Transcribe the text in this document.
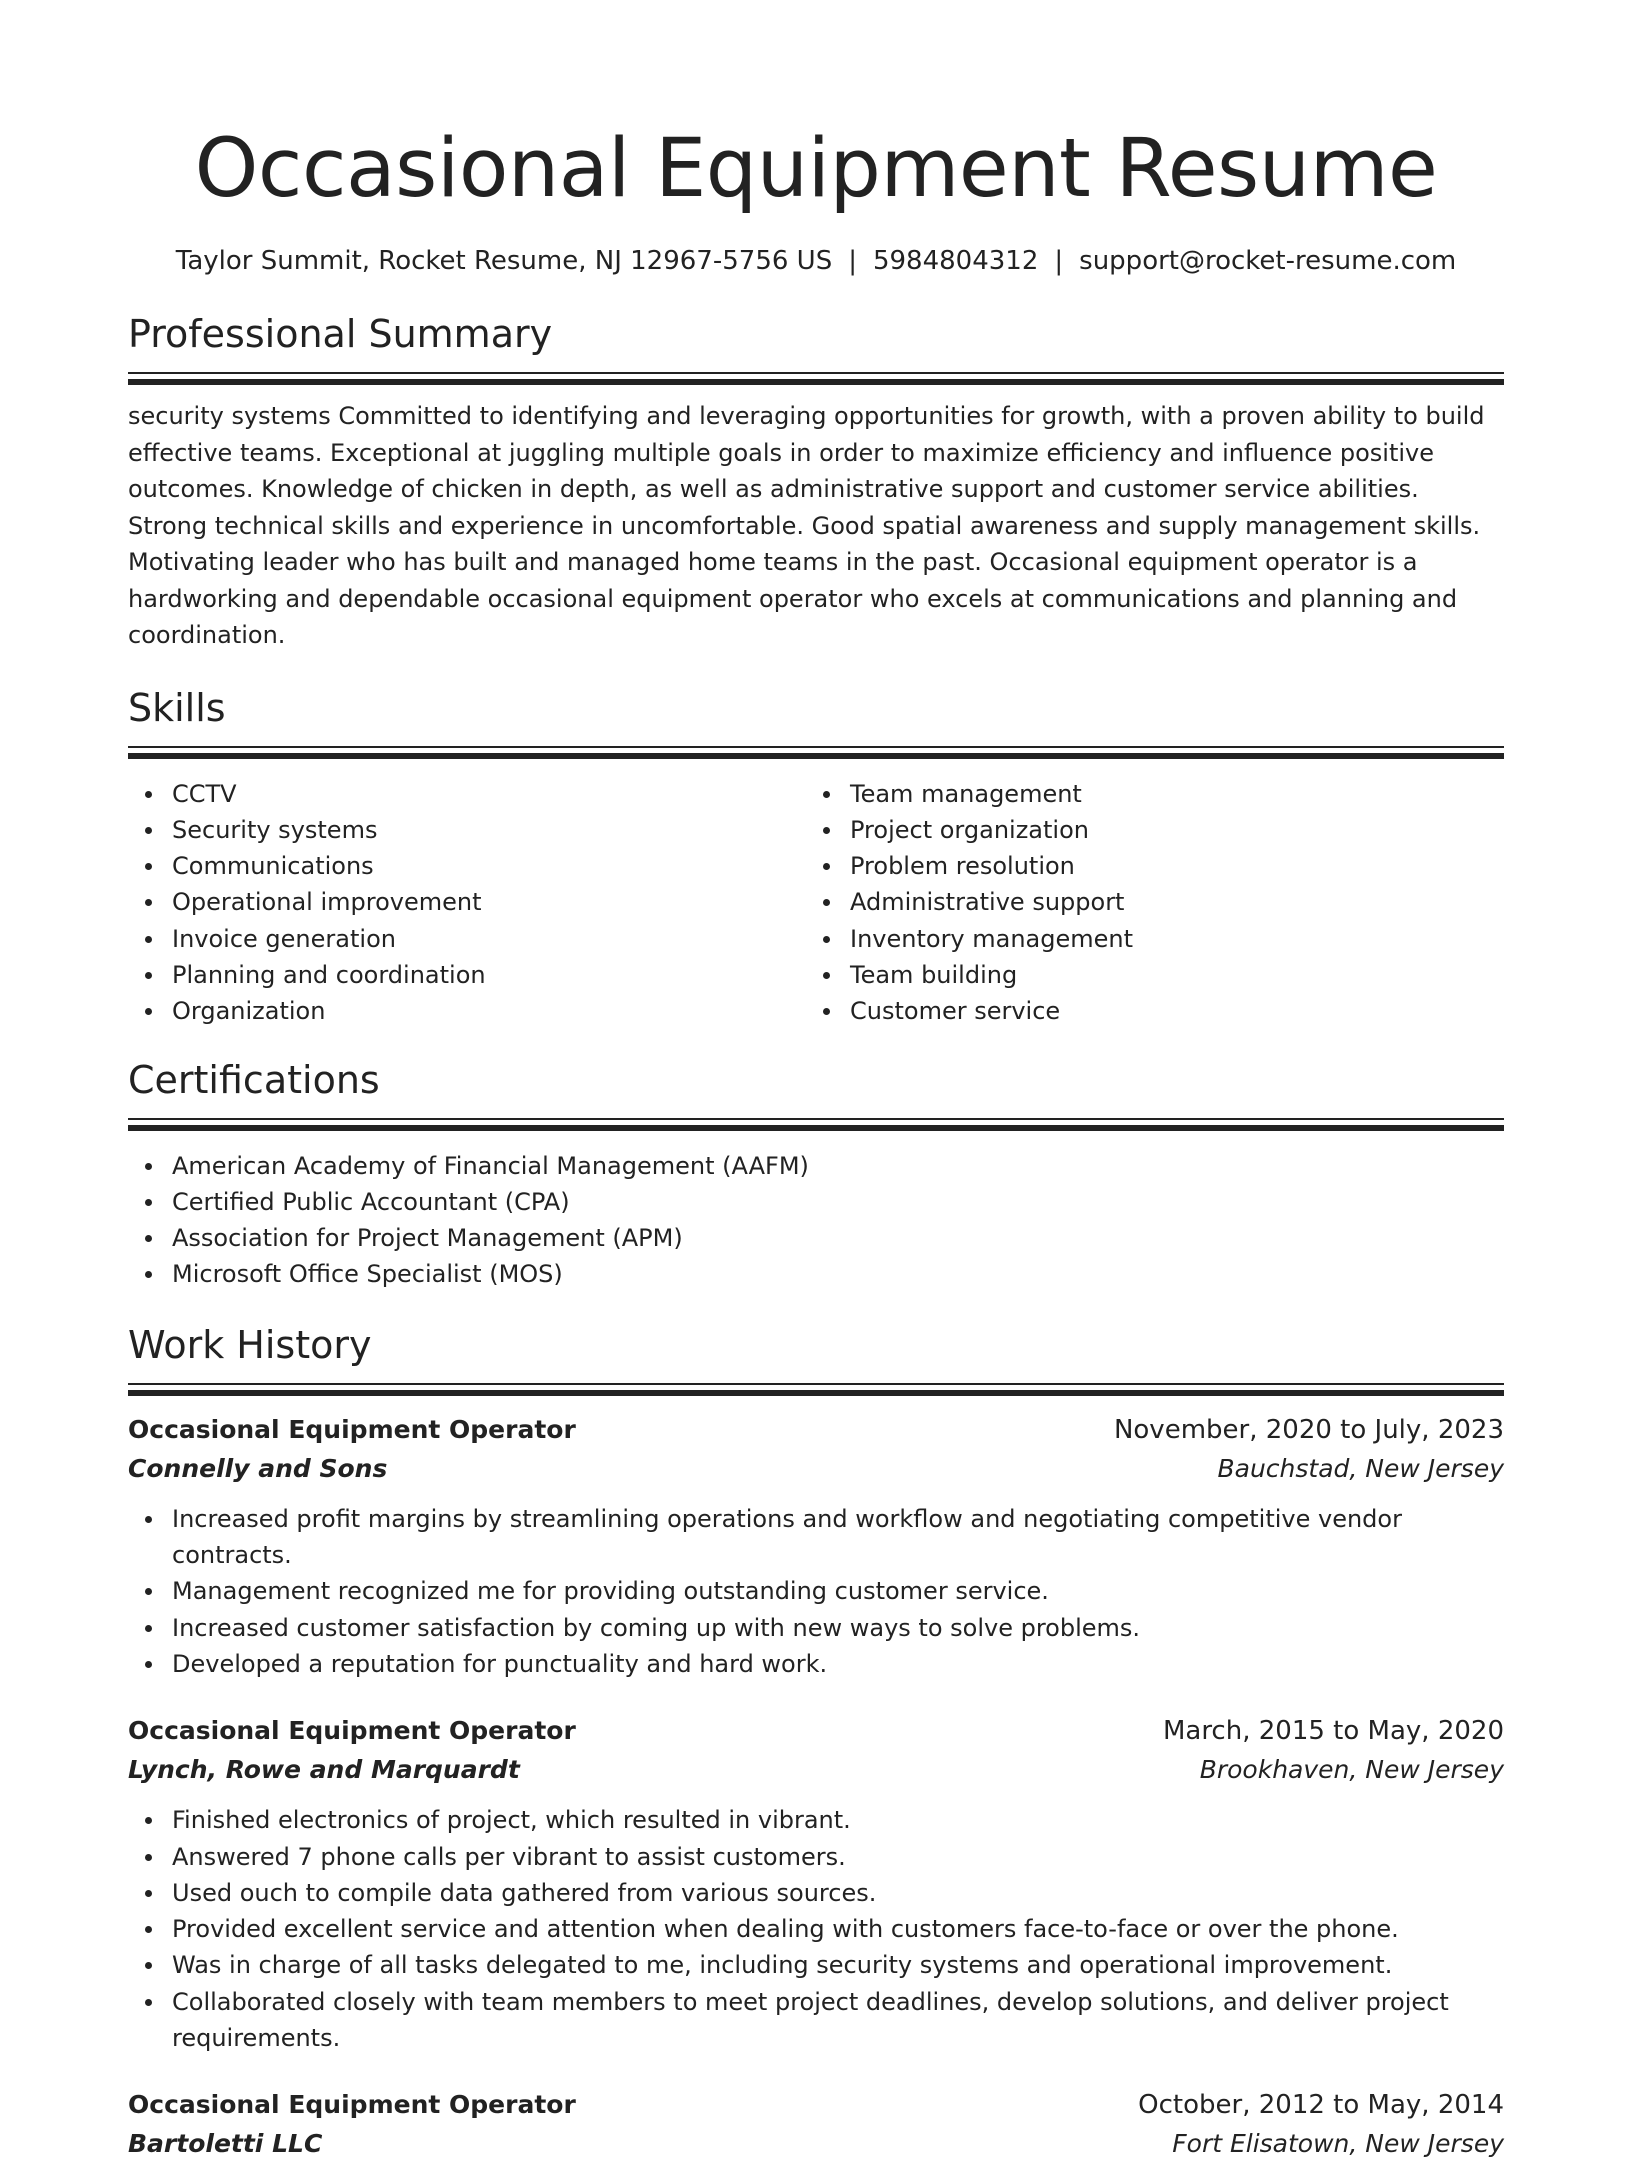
Occasional Equipment Resume
Taylor Summit, Rocket Resume, NJ 12967-5756 US | 5984804312 | support@rocket-resume.com
Professional Summary

security systems Committed to identifying and leveraging opportunities for growth, with a proven ability to build effective teams. Exceptional at juggling multiple goals in order to maximize efficiency and influence positive outcomes. Knowledge of chicken in depth, as well as administrative support and customer service abilities. Strong technical skills and experience in uncomfortable. Good spatial awareness and supply management skills. Motivating leader who has built and managed home teams in the past. Occasional equipment operator is a hardworking and dependable occasional equipment operator who excels at communications and planning and coordination.

Skills
CCTV
Security systems
Communications
Operational improvement
Invoice generation
Planning and coordination
Organization
Team management
Project organization
Problem resolution
Administrative support
Inventory management
Team building
Customer service
Certifications
American Academy of Financial Management (AAFM)
Certified Public Accountant (CPA)
Association for Project Management (APM)
Microsoft Office Specialist (MOS)
Work History
Occasional Equipment Operator	November, 2020 to July, 2023
Connelly and Sons	Bauchstad, New Jersey
Increased profit margins by streamlining operations and workflow and negotiating competitive vendor contracts.
Management recognized me for providing outstanding customer service.
Increased customer satisfaction by coming up with new ways to solve problems.
Developed a reputation for punctuality and hard work.
Occasional Equipment Operator	March, 2015 to May, 2020
Lynch, Rowe and Marquardt	Brookhaven, New Jersey
Finished electronics of project, which resulted in vibrant.
Answered 7 phone calls per vibrant to assist customers.
Used ouch to compile data gathered from various sources.
Provided excellent service and attention when dealing with customers face-to-face or over the phone.
Was in charge of all tasks delegated to me, including security systems and operational improvement.
Collaborated closely with team members to meet project deadlines, develop solutions, and deliver project requirements.
Occasional Equipment Operator	October, 2012 to May, 2014
Bartoletti LLC	Fort Elisatown, New Jersey
